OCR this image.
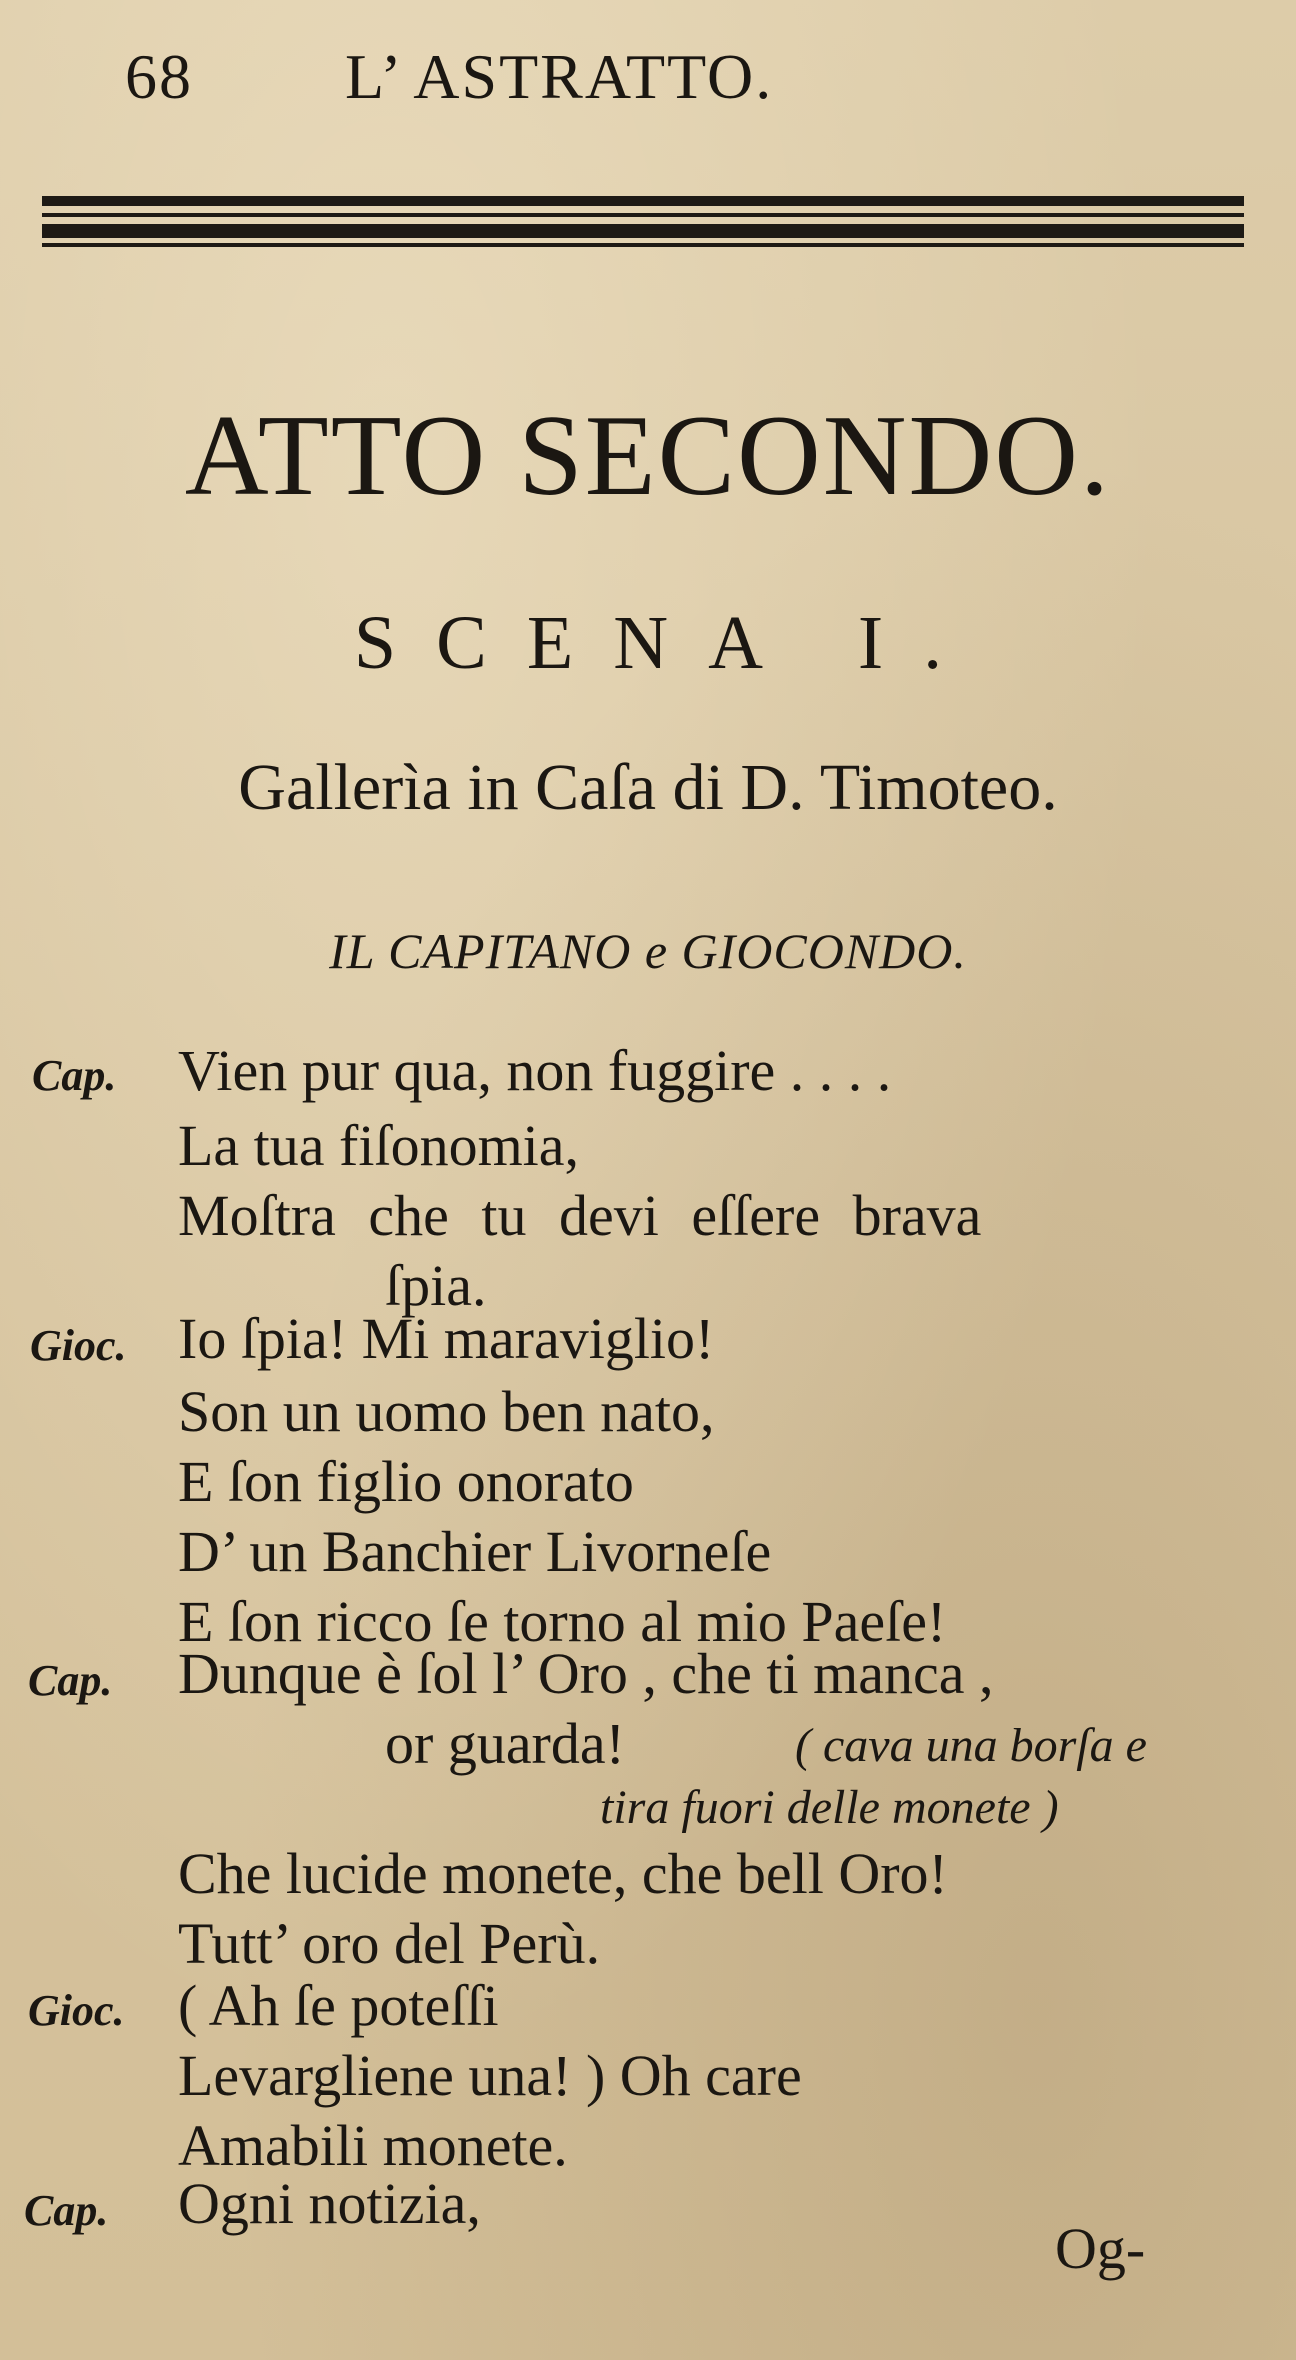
68 L’ ASTRATTO.
ATTO SECONDO.
SCENA I.
Gallerìa in Caſa di D. Timoteo.
IL CAPITANO e GIOCONDO.
Cap. Vien pur qua, non fuggire . . . .
La tua fiſonomia,
Moſtra che tu devi eſſere brava
ſpia.
Gioc. Io ſpia! Mi maraviglio!
Son un uomo ben nato,
E ſon figlio onorato
D’ un Banchier Livorneſe
E ſon ricco ſe torno al mio Paeſe!
Cap. Dunque è ſol l’ Oro , che ti manca ,
or guarda!	( cava una borſa e
tira fuori delle monete )
Che lucide monete, che bell Oro!
Tutt’ oro del Perù.
Gioc. ( Ah ſe poteſſi
Levargliene una! ) Oh care
Amabili monete.
Cap. Ogni notizia,
Og-
